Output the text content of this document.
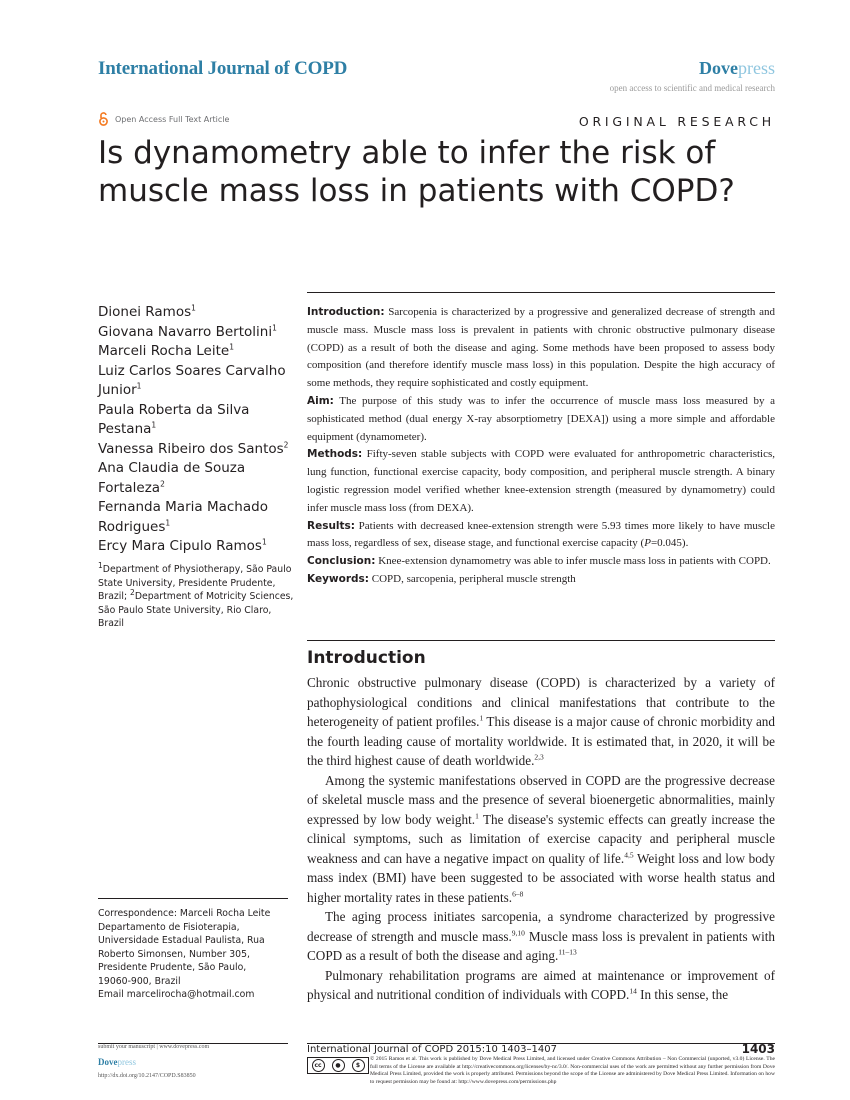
International Journal of COPD	Dovepress
open access to scientific and medical research
Open Access Full Text Article	ORIGINAL RESEARCH
Is dynamometry able to infer the risk of muscle mass loss in patients with COPD?
Dionei Ramos$^1$
Giovana Navarro Bertolini$^1$
Marceli Rocha Leite$^1$
Luiz Carlos Soares Carvalho Junior$^1$
Paula Roberta da Silva Pestana$^1$
Vanessa Ribeiro dos Santos$^2$
Ana Claudia de Souza Fortaleza$^2$
Fernanda Maria Machado Rodrigues$^1$
Ercy Mara Cipulo Ramos$^1$
$^1$Department of Physiotherapy, São Paulo State University, Presidente Prudente, Brazil; $^2$Department of Motricity Sciences, São Paulo State University, Rio Claro, Brazil
Correspondence: Marceli Rocha Leite
Departamento de Fisioterapia,
Universidade Estadual Paulista, Rua
Roberto Simonsen, Number 305,
Presidente Prudente, São Paulo,
19060-900, Brazil
Email marcelirocha@hotmail.com

Introduction: Sarcopenia is characterized by a progressive and generalized decrease of strength and muscle mass. Muscle mass loss is prevalent in patients with chronic obstructive pulmonary disease (COPD) as a result of both the disease and aging. Some methods have been proposed to assess body composition (and therefore identify muscle mass loss) in this population. Despite the high accuracy of some methods, they require sophisticated and costly equipment.

Aim: The purpose of this study was to infer the occurrence of muscle mass loss measured by a sophisticated method (dual energy X-ray absorptiometry [DEXA]) using a more simple and affordable equipment (dynamometer).

Methods: Fifty-seven stable subjects with COPD were evaluated for anthropometric characteristics, lung function, functional exercise capacity, body composition, and peripheral muscle strength. A binary logistic regression model verified whether knee-extension strength (measured by dynamometry) could infer muscle mass loss (from DEXA).

Results: Patients with decreased knee-extension strength were 5.93 times more likely to have muscle mass loss, regardless of sex, disease stage, and functional exercise capacity (P=0.045).

Conclusion: Knee-extension dynamometry was able to infer muscle mass loss in patients with COPD.

Keywords: COPD, sarcopenia, peripheral muscle strength

Introduction

Chronic obstructive pulmonary disease (COPD) is characterized by a variety of pathophysiological conditions and clinical manifestations that contribute to the heterogeneity of patient profiles.$^1$ This disease is a major cause of chronic morbidity and the fourth leading cause of mortality worldwide. It is estimated that, in 2020, it will be the third highest cause of death worldwide.$^{2,3}$

Among the systemic manifestations observed in COPD are the progressive decrease of skeletal muscle mass and the presence of several bioenergetic abnormalities, mainly expressed by low body weight.$^1$ The disease's systemic effects can greatly increase the clinical symptoms, such as limitation of exercise capacity and peripheral muscle weakness and can have a negative impact on quality of life.$^{4,5}$ Weight loss and low body mass index (BMI) have been suggested to be associated with worse health status and higher mortality rates in these patients.$^{6-8}$

The aging process initiates sarcopenia, a syndrome characterized by progressive decrease of strength and muscle mass.$^{9,10}$ Muscle mass loss is prevalent in patients with COPD as a result of both the disease and aging.$^{11-13}$

Pulmonary rehabilitation programs are aimed at maintenance or improvement of physical and nutritional condition of individuals with COPD.$^{14}$ In this sense, the

submit your manuscript | www.dovepress.com
Dovepress
http://dx.doi.org/10.2147/COPD.S83850
International Journal of COPD 2015:10 1403–1407	1403
cc	●	$
© 2015 Ramos et al. This work is published by Dove Medical Press Limited, and licensed under Creative Commons Attribution – Non Commercial (unported, v3.0) License. The full terms of the License are available at http://creativecommons.org/licenses/by-nc/3.0/. Non-commercial uses of the work are permitted without any further permission from Dove Medical Press Limited, provided the work is properly attributed. Permissions beyond the scope of the License are administered by Dove Medical Press Limited. Information on how to request permission may be found at: http://www.dovepress.com/permissions.php
